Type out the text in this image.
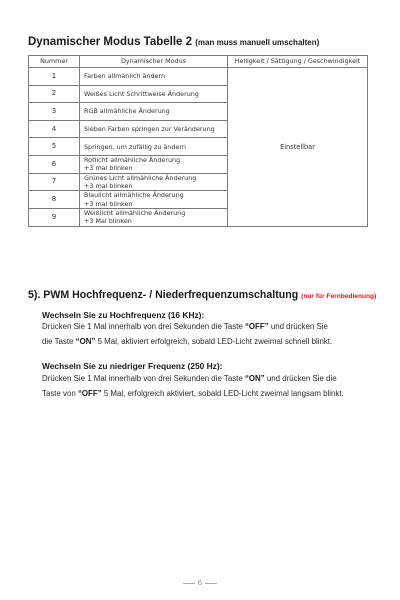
Dynamischer Modus Tabelle 2 (man muss manuell umschalten)
Nummer	Dynamischer Modus	Helligkeit / Sättigung / Geschwindigkeit
1	Farben allmählich ändern	Einstellbar
2	Weißes Licht Schrittweise Änderung	

3	RGB allmähliche Änderung	

4	Sieben Farben springen zur Veränderung	

5	Springen, um zufällig zu ändern	

6	Rotlicht allmähliche Änderung
+3 mal blinken	

7	Grünes Licht allmähliche Änderung
+3 mal blinken	

8	Blaulicht allmähliche Änderung
+3 mal blinken	

9	Weißlicht allmähliche Änderung
+3 Mal blinken	
5). PWM Hochfrequenz- / Niederfrequenzumschaltung (nur für Fernbedienung)
Wechseln Sie zu Hochfrequenz (16 KHz):
Drücken Sie 1 Mal innerhalb von drei Sekunden die Taste “OFF” und drücken Sie
die Taste “ON” 5 Mal, aktiviert erfolgreich, sobald LED-Licht zweimal schnell blinkt.
Wechseln Sie zu niedriger Frequenz (250 Hz):
Drücken Sie 1 Mal innerhalb von drei Sekunden die Taste “ON” und drücken Sie die
Taste von “OFF” 5 Mal, erfolgreich aktiviert, sobald LED-Licht zweimal langsam blinkt.
6
